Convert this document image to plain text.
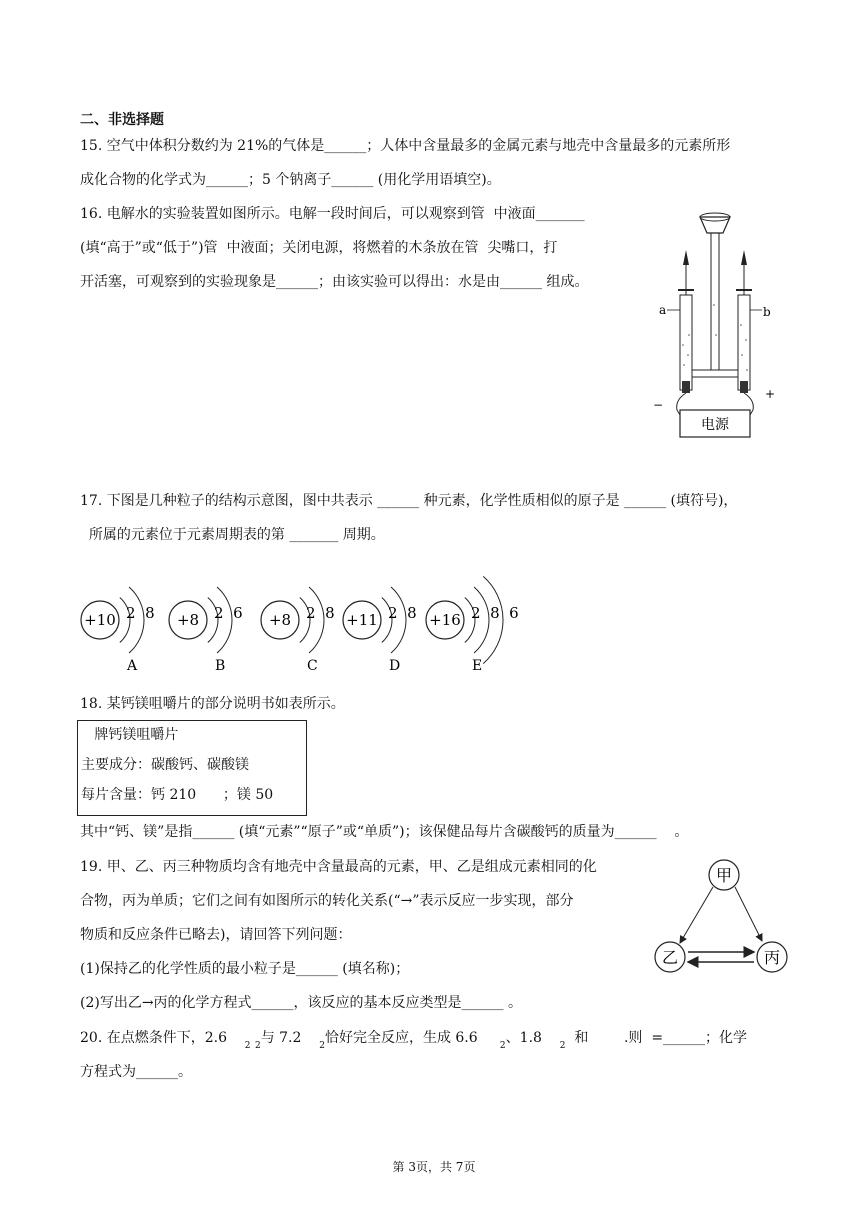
二、非选择题
15. 空气中体积分数约为 21%的气体是______；人体中含量最多的金属元素与地壳中含量最多的元素所形
成化合物的化学式为______；5 个钠离子______ (用化学用语填空)。
16. 电解水的实验装置如图所示。电解一段时间后，可以观察到管  中液面_______
(填“高于”或“低于”)管  中液面；关闭电源，将燃着的木条放在管  尖嘴口，打
开活塞，可观察到的实验现象是______；由该实验可以得出：水是由______ 组成。
a	b
−
+
电源
17. 下图是几种粒子的结构示意图，图中共表示 ______ 种元素，化学性质相似的原子是 ______ (填符号)，
所属的元素位于元素周期表的第 _______ 周期。
+10 2  8
A
+8 2  6
B
+8 2  8
C
+11 2  8
D
+16 2  8  6
E
18. 某钙镁咀嚼片的部分说明书如表所示。
牌钙镁咀嚼片
主要成分：碳酸钙、碳酸镁
每片含量：钙 210      ；镁 50
其中“钙、镁”是指______ (填“元素”“原子”或“单质”)；该保健品每片含碳酸钙的质量为______    。
19. 甲、乙、丙三种物质均含有地壳中含量最高的元素，甲、乙是组成元素相同的化
合物，丙为单质；它们之间有如图所示的转化关系(“→”表示反应一步实现，部分
物质和反应条件已略去)，请回答下列问题：
(1)保持乙的化学性质的最小粒子是______ (填名称)；
(2)写出乙→丙的化学方程式______，该反应的基本反应类型是______ 。
甲
乙	丙
20. 在点燃条件下，2.6    $_2$ $_2$与 7.2    $_2$恰好完全反应，生成 6.6     $_2$、1.8    $_2$  和        .则  =______；化学
方程式为______。
第 3页，共 7页
